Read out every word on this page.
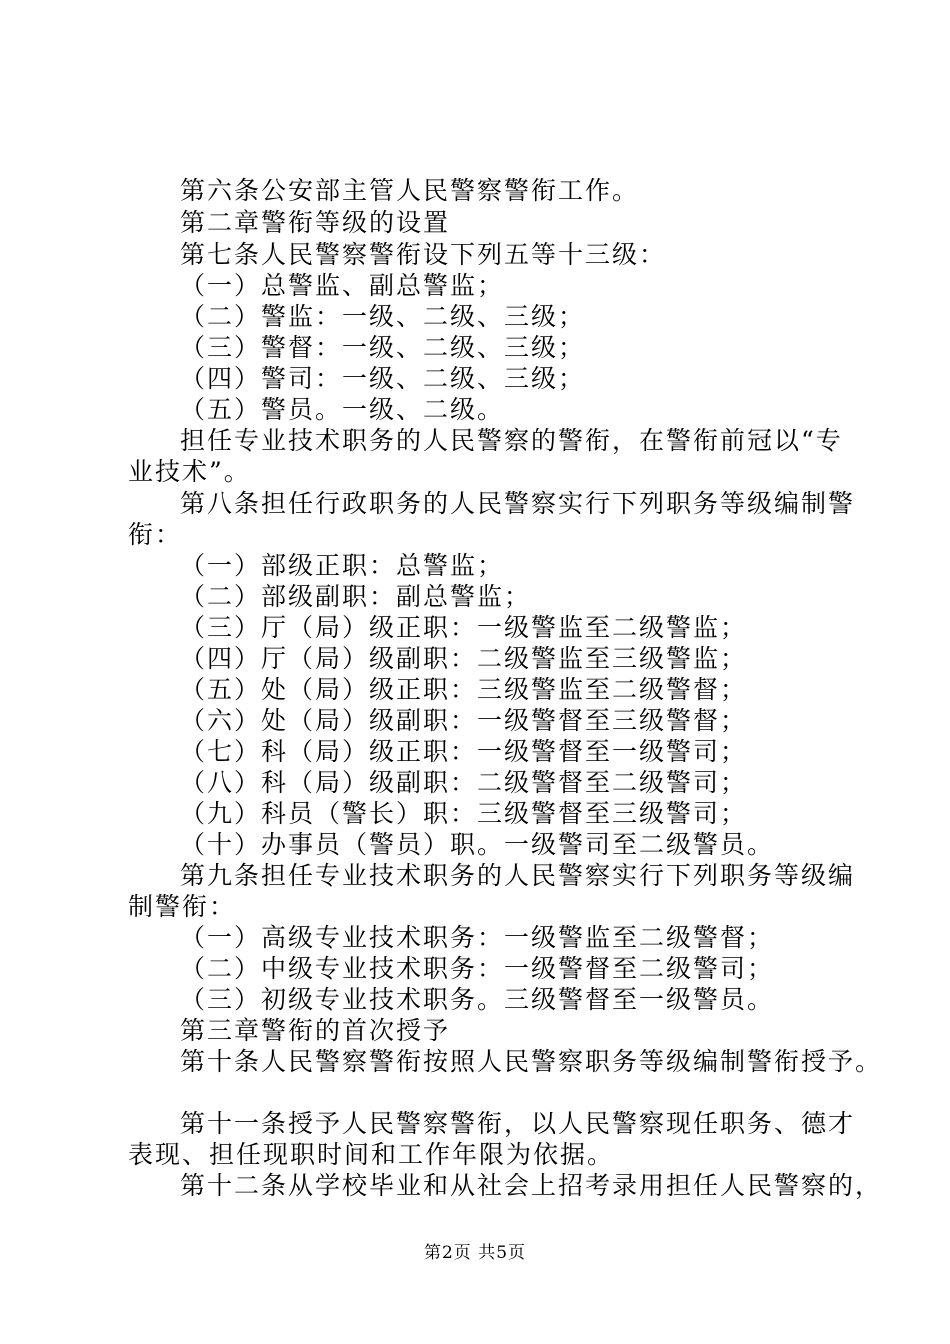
第六条公安部主管人民警察警衔工作。
第二章警衔等级的设置
第七条人民警察警衔设下列五等十三级：
（一）总警监、副总警监；
（二）警监：一级、二级、三级；
（三）警督：一级、二级、三级；
（四）警司：一级、二级、三级；
（五）警员。一级、二级。
担任专业技术职务的人民警察的警衔，在警衔前冠以“专
业技术”。
第八条担任行政职务的人民警察实行下列职务等级编制警
衔：
（一）部级正职：总警监；
（二）部级副职：副总警监；
（三）厅（局）级正职：一级警监至二级警监；
（四）厅（局）级副职：二级警监至三级警监；
（五）处（局）级正职：三级警监至二级警督；
（六）处（局）级副职：一级警督至三级警督；
（七）科（局）级正职：一级警督至一级警司；
（八）科（局）级副职：二级警督至二级警司；
（九）科员（警长）职：三级警督至三级警司；
（十）办事员（警员）职。一级警司至二级警员。
第九条担任专业技术职务的人民警察实行下列职务等级编
制警衔：
（一）高级专业技术职务：一级警监至二级警督；
（二）中级专业技术职务：一级警督至二级警司；
（三）初级专业技术职务。三级警督至一级警员。
第三章警衔的首次授予
第十条人民警察警衔按照人民警察职务等级编制警衔授予。
第十一条授予人民警察警衔，以人民警察现任职务、德才
表现、担任现职时间和工作年限为依据。
第十二条从学校毕业和从社会上招考录用担任人民警察的，
第2页 共5页
